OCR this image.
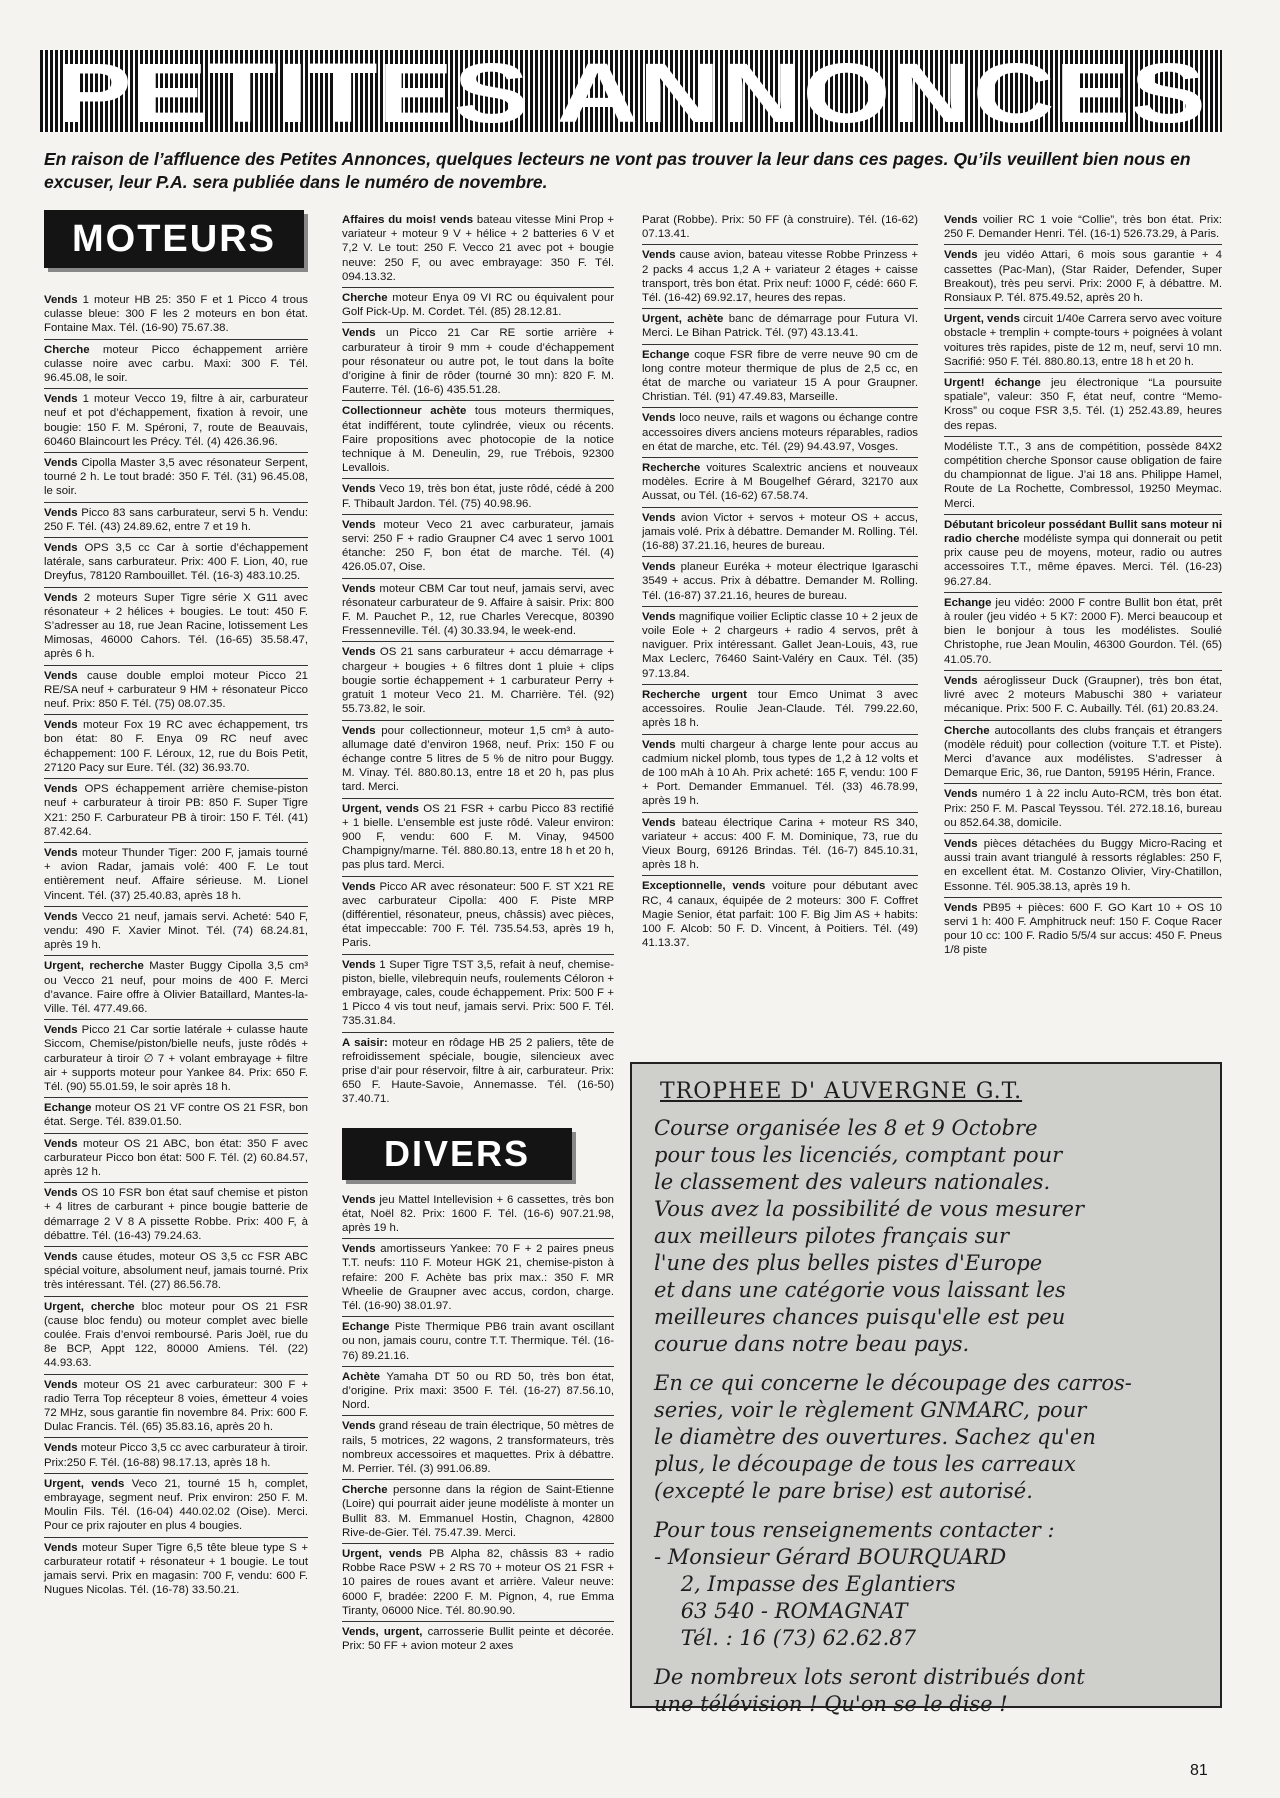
PETITES ANNONCES

En raison de l’affluence des Petites Annonces, quelques lecteurs ne vont pas trouver la leur dans ces pages. Qu’ils veuillent bien nous en excuser, leur P.A. sera publiée dans le numéro de novembre.

MOTEURS

Vends 1 moteur HB 25: 350 F et 1 Picco 4 trous culasse bleue: 300 F les 2 moteurs en bon état. Fontaine Max. Tél. (16-90) 75.67.38.

Cherche moteur Picco échappement arrière culasse noire avec carbu. Maxi: 300 F. Tél. 96.45.08, le soir.

Vends 1 moteur Vecco 19, filtre à air, carburateur neuf et pot d’échappement, fixation à revoir, une bougie: 150 F. M. Spéroni, 7, route de Beauvais, 60460 Blaincourt les Précy. Tél. (4) 426.36.96.

Vends Cipolla Master 3,5 avec résonateur Serpent, tourné 2 h. Le tout bradé: 350 F. Tél. (31) 96.45.08, le soir.

Vends Picco 83 sans carburateur, servi 5 h. Vendu: 250 F. Tél. (43) 24.89.62, entre 7 et 19 h.

Vends OPS 3,5 cc Car à sortie d’échappement latérale, sans carburateur. Prix: 400 F. Lion, 40, rue Dreyfus, 78120 Rambouillet. Tél. (16-3) 483.10.25.

Vends 2 moteurs Super Tigre série X G11 avec résonateur + 2 hélices + bougies. Le tout: 450 F. S’adresser au 18, rue Jean Racine, lotissement Les Mimosas, 46000 Cahors. Tél. (16-65) 35.58.47, après 6 h.

Vends cause double emploi moteur Picco 21 RE/SA neuf + carburateur 9 HM + résonateur Picco neuf. Prix: 850 F. Tél. (75) 08.07.35.

Vends moteur Fox 19 RC avec échappement, trs bon état: 80 F. Enya 09 RC neuf avec échappement: 100 F. Léroux, 12, rue du Bois Petit, 27120 Pacy sur Eure. Tél. (32) 36.93.70.

Vends OPS échappement arrière chemise-piston neuf + carburateur à tiroir PB: 850 F. Super Tigre X21: 250 F. Carburateur PB à tiroir: 150 F. Tél. (41) 87.42.64.

Vends moteur Thunder Tiger: 200 F, jamais tourné + avion Radar, jamais volé: 400 F. Le tout entièrement neuf. Affaire sérieuse. M. Lionel Vincent. Tél. (37) 25.40.83, après 18 h.

Vends Vecco 21 neuf, jamais servi. Acheté: 540 F, vendu: 490 F. Xavier Minot. Tél. (74) 68.24.81, après 19 h.

Urgent, recherche Master Buggy Cipolla 3,5 cm³ ou Vecco 21 neuf, pour moins de 400 F. Merci d’avance. Faire offre à Olivier Bataillard, Mantes-la-Ville. Tél. 477.49.66.

Vends Picco 21 Car sortie latérale + culasse haute Siccom, Chemise/piston/bielle neufs, juste rôdés + carburateur à tiroir ∅ 7 + volant embrayage + filtre air + supports moteur pour Yankee 84. Prix: 650 F. Tél. (90) 55.01.59, le soir après 18 h.

Echange moteur OS 21 VF contre OS 21 FSR, bon état. Serge. Tél. 839.01.50.

Vends moteur OS 21 ABC, bon état: 350 F avec carburateur Picco bon état: 500 F. Tél. (2) 60.84.57, après 12 h.

Vends OS 10 FSR bon état sauf chemise et piston + 4 litres de carburant + pince bougie batterie de démarrage 2 V 8 A pissette Robbe. Prix: 400 F, à débattre. Tél. (16-43) 79.24.63.

Vends cause études, moteur OS 3,5 cc FSR ABC spécial voiture, absolument neuf, jamais tourné. Prix très intéressant. Tél. (27) 86.56.78.

Urgent, cherche bloc moteur pour OS 21 FSR (cause bloc fendu) ou moteur complet avec bielle coulée. Frais d’envoi remboursé. Paris Joël, rue du 8e BCP, Appt 122, 80000 Amiens. Tél. (22) 44.93.63.

Vends moteur OS 21 avec carburateur: 300 F + radio Terra Top récepteur 8 voies, émetteur 4 voies 72 MHz, sous garantie fin novembre 84. Prix: 600 F. Dulac Francis. Tél. (65) 35.83.16, après 20 h.

Vends moteur Picco 3,5 cc avec carburateur à tiroir. Prix:250 F. Tél. (16-88) 98.17.13, après 18 h.

Urgent, vends Veco 21, tourné 15 h, complet, embrayage, segment neuf. Prix environ: 250 F. M. Moulin Fils. Tél. (16-04) 440.02.02 (Oise). Merci. Pour ce prix rajouter en plus 4 bougies.

Vends moteur Super Tigre 6,5 tête bleue type S + carburateur rotatif + résonateur + 1 bougie. Le tout jamais servi. Prix en magasin: 700 F, vendu: 600 F. Nugues Nicolas. Tél. (16-78) 33.50.21.

Affaires du mois! vends bateau vitesse Mini Prop + variateur + moteur 9 V + hélice + 2 batteries 6 V et 7,2 V. Le tout: 250 F. Vecco 21 avec pot + bougie neuve: 250 F, ou avec embrayage: 350 F. Tél. 094.13.32.

Cherche moteur Enya 09 VI RC ou équivalent pour Golf Pick-Up. M. Cordet. Tél. (85) 28.12.81.

Vends un Picco 21 Car RE sortie arrière + carburateur à tiroir 9 mm + coude d’échappement pour résonateur ou autre pot, le tout dans la boîte d’origine à finir de rôder (tourné 30 mn): 820 F. M. Fauterre. Tél. (16-6) 435.51.28.

Collectionneur achète tous moteurs thermiques, état indifférent, toute cylindrée, vieux ou récents. Faire propositions avec photocopie de la notice technique à M. Deneulin, 29, rue Trébois, 92300 Levallois.

Vends Veco 19, très bon état, juste rôdé, cédé à 200 F. Thibault Jardon. Tél. (75) 40.98.96.

Vends moteur Veco 21 avec carburateur, jamais servi: 250 F + radio Graupner C4 avec 1 servo 1001 étanche: 250 F, bon état de marche. Tél. (4) 426.05.07, Oise.

Vends moteur CBM Car tout neuf, jamais servi, avec résonateur carburateur de 9. Affaire à saisir. Prix: 800 F. M. Pauchet P., 12, rue Charles Verecque, 80390 Fressenneville. Tél. (4) 30.33.94, le week-end.

Vends OS 21 sans carburateur + accu démarrage + chargeur + bougies + 6 filtres dont 1 pluie + clips bougie sortie échappement + 1 carburateur Perry + gratuit 1 moteur Veco 21. M. Charrière. Tél. (92) 55.73.82, le soir.

Vends pour collectionneur, moteur 1,5 cm³ à auto-allumage daté d’environ 1968, neuf. Prix: 150 F ou échange contre 5 litres de 5 % de nitro pour Buggy. M. Vinay. Tél. 880.80.13, entre 18 et 20 h, pas plus tard. Merci.

Urgent, vends OS 21 FSR + carbu Picco 83 rectifié + 1 bielle. L’ensemble est juste rôdé. Valeur environ: 900 F, vendu: 600 F. M. Vinay, 94500 Champigny/marne. Tél. 880.80.13, entre 18 h et 20 h, pas plus tard. Merci.

Vends Picco AR avec résonateur: 500 F. ST X21 RE avec carburateur Cipolla: 400 F. Piste MRP (différentiel, résonateur, pneus, châssis) avec pièces, état impeccable: 700 F. Tél. 735.54.53, après 19 h, Paris.

Vends 1 Super Tigre TST 3,5, refait à neuf, chemise-piston, bielle, vilebrequin neufs, roulements Céloron + embrayage, cales, coude échappement. Prix: 500 F + 1 Picco 4 vis tout neuf, jamais servi. Prix: 500 F. Tél. 735.31.84.

A saisir: moteur en rôdage HB 25 2 paliers, tête de refroidissement spéciale, bougie, silencieux avec prise d’air pour réservoir, filtre à air, carburateur. Prix: 650 F. Haute-Savoie, Annemasse. Tél. (16-50) 37.40.71.

DIVERS

Vends jeu Mattel Intellevision + 6 cassettes, très bon état, Noël 82. Prix: 1600 F. Tél. (16-6) 907.21.98, après 19 h.

Vends amortisseurs Yankee: 70 F + 2 paires pneus T.T. neufs: 110 F. Moteur HGK 21, chemise-piston à refaire: 200 F. Achète bas prix max.: 350 F. MR Wheelie de Graupner avec accus, cordon, charge. Tél. (16-90) 38.01.97.

Echange Piste Thermique PB6 train avant oscillant ou non, jamais couru, contre T.T. Thermique. Tél. (16-76) 89.21.16.

Achète Yamaha DT 50 ou RD 50, très bon état, d’origine. Prix maxi: 3500 F. Tél. (16-27) 87.56.10, Nord.

Vends grand réseau de train électrique, 50 mètres de rails, 5 motrices, 22 wagons, 2 transformateurs, très nombreux accessoires et maquettes. Prix à débattre. M. Perrier. Tél. (3) 991.06.89.

Cherche personne dans la région de Saint-Etienne (Loire) qui pourrait aider jeune modéliste à monter un Bullit 83. M. Emmanuel Hostin, Chagnon, 42800 Rive-de-Gier. Tél. 75.47.39. Merci.

Urgent, vends PB Alpha 82, châssis 83 + radio Robbe Race PSW + 2 RS 70 + moteur OS 21 FSR + 10 paires de roues avant et arrière. Valeur neuve: 6000 F, bradée: 2200 F. M. Pignon, 4, rue Emma Tiranty, 06000 Nice. Tél. 80.90.90.

Vends, urgent, carrosserie Bullit peinte et décorée. Prix: 50 FF + avion moteur 2 axes

Parat (Robbe). Prix: 50 FF (à construire). Tél. (16-62) 07.13.41.

Vends cause avion, bateau vitesse Robbe Prinzess + 2 packs 4 accus 1,2 A + variateur 2 étages + caisse transport, très bon état. Prix neuf: 1000 F, cédé: 660 F. Tél. (16-42) 69.92.17, heures des repas.

Urgent, achète banc de démarrage pour Futura VI. Merci. Le Bihan Patrick. Tél. (97) 43.13.41.

Echange coque FSR fibre de verre neuve 90 cm de long contre moteur thermique de plus de 2,5 cc, en état de marche ou variateur 15 A pour Graupner. Christian. Tél. (91) 47.49.83, Marseille.

Vends loco neuve, rails et wagons ou échange contre accessoires divers anciens moteurs réparables, radios en état de marche, etc. Tél. (29) 94.43.97, Vosges.

Recherche voitures Scalextric anciens et nouveaux modèles. Ecrire à M Bougelhef Gérard, 32170 aux Aussat, ou Tél. (16-62) 67.58.74.

Vends avion Victor + servos + moteur OS + accus, jamais volé. Prix à débattre. Demander M. Rolling. Tél. (16-88) 37.21.16, heures de bureau.

Vends planeur Euréka + moteur électrique Igaraschi 3549 + accus. Prix à débattre. Demander M. Rolling. Tél. (16-87) 37.21.16, heures de bureau.

Vends magnifique voilier Ecliptic classe 10 + 2 jeux de voile Eole + 2 chargeurs + radio 4 servos, prêt à naviguer. Prix intéressant. Gallet Jean-Louis, 43, rue Max Leclerc, 76460 Saint-Valéry en Caux. Tél. (35) 97.13.84.

Recherche urgent tour Emco Unimat 3 avec accessoires. Roulie Jean-Claude. Tél. 799.22.60, après 18 h.

Vends multi chargeur à charge lente pour accus au cadmium nickel plomb, tous types de 1,2 à 12 volts et de 100 mAh à 10 Ah. Prix acheté: 165 F, vendu: 100 F + Port. Demander Emmanuel. Tél. (33) 46.78.99, après 19 h.

Vends bateau électrique Carina + moteur RS 340, variateur + accus: 400 F. M. Dominique, 73, rue du Vieux Bourg, 69126 Brindas. Tél. (16-7) 845.10.31, après 18 h.

Exceptionnelle, vends voiture pour débutant avec RC, 4 canaux, équipée de 2 moteurs: 300 F. Coffret Magie Senior, état parfait: 100 F. Big Jim AS + habits: 100 F. Alcob: 50 F. D. Vincent, à Poitiers. Tél. (49) 41.13.37.

Vends voilier RC 1 voie “Collie”, très bon état. Prix: 250 F. Demander Henri. Tél. (16-1) 526.73.29, à Paris.

Vends jeu vidéo Attari, 6 mois sous garantie + 4 cassettes (Pac-Man), (Star Raider, Defender, Super Breakout), très peu servi. Prix: 2000 F, à débattre. M. Ronsiaux P. Tél. 875.49.52, après 20 h.

Urgent, vends circuit 1/40e Carrera servo avec voiture obstacle + tremplin + compte-tours + poignées à volant voitures très rapides, piste de 12 m, neuf, servi 10 mn. Sacrifié: 950 F. Tél. 880.80.13, entre 18 h et 20 h.

Urgent! échange jeu électronique “La poursuite spatiale”, valeur: 350 F, état neuf, contre “Memo-Kross” ou coque FSR 3,5. Tél. (1) 252.43.89, heures des repas.

Modéliste T.T., 3 ans de compétition, possède 84X2 compétition cherche Sponsor cause obligation de faire du championnat de ligue. J’ai 18 ans. Philippe Hamel, Route de La Rochette, Combressol, 19250 Meymac. Merci.

Débutant bricoleur possédant Bullit sans moteur ni radio cherche modéliste sympa qui donnerait ou petit prix cause peu de moyens, moteur, radio ou autres accessoires T.T., même épaves. Merci. Tél. (16-23) 96.27.84.

Echange jeu vidéo: 2000 F contre Bullit bon état, prêt à rouler (jeu vidéo + 5 K7: 2000 F). Merci beaucoup et bien le bonjour à tous les modélistes. Soulié Christophe, rue Jean Moulin, 46300 Gourdon. Tél. (65) 41.05.70.

Vends aéroglisseur Duck (Graupner), très bon état, livré avec 2 moteurs Mabuschi 380 + variateur mécanique. Prix: 500 F. C. Aubailly. Tél. (61) 20.83.24.

Cherche autocollants des clubs français et étrangers (modèle réduit) pour collection (voiture T.T. et Piste). Merci d’avance aux modélistes. S’adresser à Demarque Eric, 36, rue Danton, 59195 Hérin, France.

Vends numéro 1 à 22 inclu Auto-RCM, très bon état. Prix: 250 F. M. Pascal Teyssou. Tél. 272.18.16, bureau ou 852.64.38, domicile.

Vends pièces détachées du Buggy Micro-Racing et aussi train avant triangulé à ressorts réglables: 250 F, en excellent état. M. Costanzo Olivier, Viry-Chatillon, Essonne. Tél. 905.38.13, après 19 h.

Vends PB95 + pièces: 600 F. GO Kart 10 + OS 10 servi 1 h: 400 F. Amphitruck neuf: 150 F. Coque Racer pour 10 cc: 100 F. Radio 5/5/4 sur accus: 450 F. Pneus 1/8 piste

TROPHEE D' AUVERGNE G.T.
Course organisée les 8 et 9 Octobre
pour tous les licenciés, comptant pour
le classement des valeurs nationales.
Vous avez la possibilité de vous mesurer
aux meilleurs pilotes français sur
l'une des plus belles pistes d'Europe
et dans une catégorie vous laissant les
meilleures chances puisqu'elle est peu
courue dans notre beau pays.
En ce qui concerne le découpage des carros-
series, voir le règlement GNMARC, pour
le diamètre des ouvertures. Sachez qu'en
plus, le découpage de tous les carreaux
(excepté le pare brise) est autorisé.
Pour tous renseignements contacter :
- Monsieur Gérard BOURQUARD
2, Impasse des Eglantiers
63 540 - ROMAGNAT
Tél. : 16 (73) 62.62.87
De nombreux lots seront distribués dont
une télévision ! Qu'on se le dise !
81
